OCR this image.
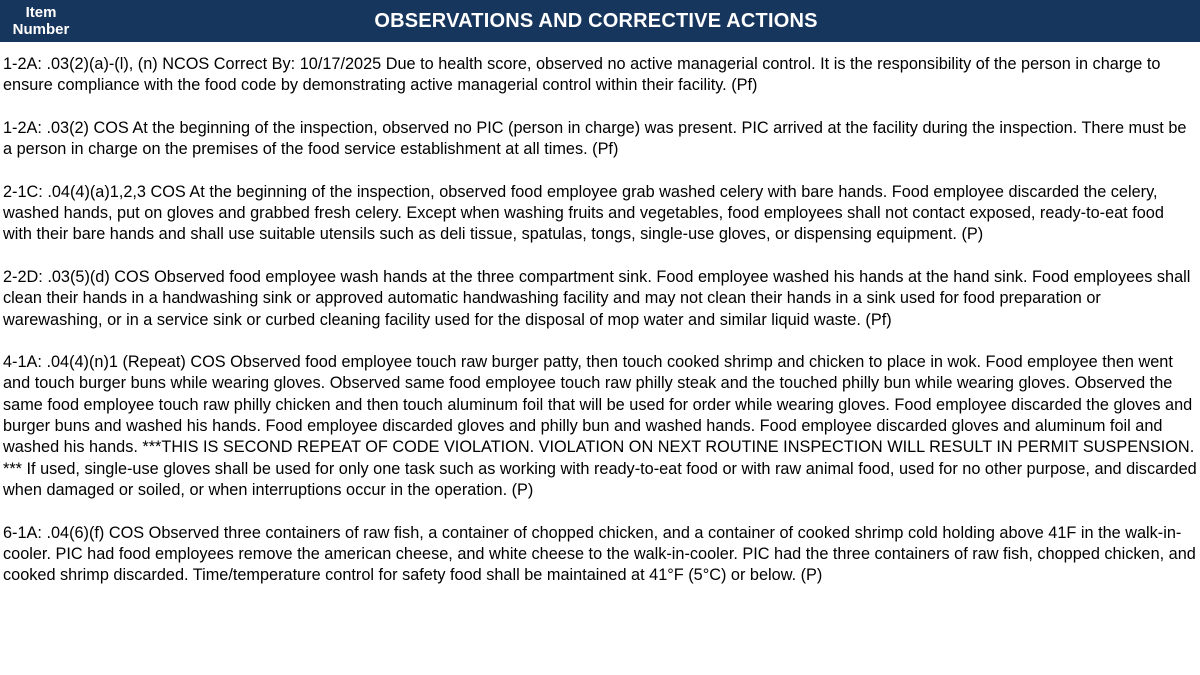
Item
Number	OBSERVATIONS AND CORRECTIVE ACTIONS

1-2A: .03(2)(a)-(l), (n) NCOS Correct By: 10/17/2025 Due to health score, observed no active managerial control. It is the responsibility of the person in charge to ensure compliance with the food code by demonstrating active managerial control within their facility. (Pf)

1-2A: .03(2) COS At the beginning of the inspection, observed no PIC (person in charge) was present. PIC arrived at the facility during the inspection. There must be a person in charge on the premises of the food service establishment at all times. (Pf)

2-1C: .04(4)(a)1,2,3 COS At the beginning of the inspection, observed food employee grab washed celery with bare hands. Food employee discarded the celery, washed hands, put on gloves and grabbed fresh celery. Except when washing fruits and vegetables, food employees shall not contact exposed, ready-to-eat food with their bare hands and shall use suitable utensils such as deli tissue, spatulas, tongs, single-use gloves, or dispensing equipment. (P)

2-2D: .03(5)(d) COS Observed food employee wash hands at the three compartment sink. Food employee washed his hands at the hand sink. Food employees shall clean their hands in a handwashing sink or approved automatic handwashing facility and may not clean their hands in a sink used for food preparation or warewashing, or in a service sink or curbed cleaning facility used for the disposal of mop water and similar liquid waste. (Pf)

4-1A: .04(4)(n)1 (Repeat) COS Observed food employee touch raw burger patty, then touch cooked shrimp and chicken to place in wok. Food employee then went and touch burger buns while wearing gloves. Observed same food employee touch raw philly steak and the touched philly bun while wearing gloves. Observed the same food employee touch raw philly chicken and then touch aluminum foil that will be used for order while wearing gloves. Food employee discarded the gloves and burger buns and washed his hands. Food employee discarded gloves and philly bun and washed hands. Food employee discarded gloves and aluminum foil and washed his hands. ***THIS IS SECOND REPEAT OF CODE VIOLATION. VIOLATION ON NEXT ROUTINE INSPECTION WILL RESULT IN PERMIT SUSPENSION. *** If used, single-use gloves shall be used for only one task such as working with ready-to-eat food or with raw animal food, used for no other purpose, and discarded when damaged or soiled, or when interruptions occur in the operation. (P)

6-1A: .04(6)(f) COS Observed three containers of raw fish, a container of chopped chicken, and a container of cooked shrimp cold holding above 41F in the walk-in-cooler. PIC had food employees remove the american cheese, and white cheese to the walk-in-cooler. PIC had the three containers of raw fish, chopped chicken, and cooked shrimp discarded. Time/temperature control for safety food shall be maintained at 41°F (5°C) or below. (P)
